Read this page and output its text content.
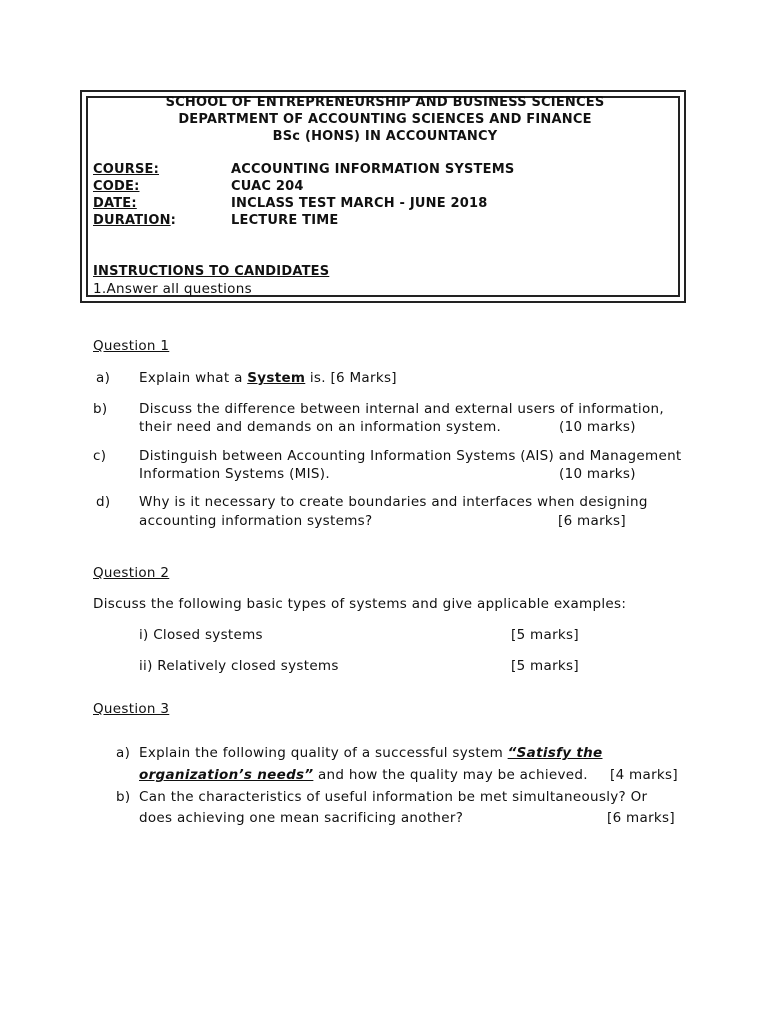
SCHOOL OF ENTREPRENEURSHIP AND BUSINESS SCIENCES
DEPARTMENT OF ACCOUNTING SCIENCES AND FINANCE
BSc (HONS) IN ACCOUNTANCY
COURSE:	ACCOUNTING INFORMATION SYSTEMS
CODE:	CUAC 204
DATE:	INCLASS TEST MARCH - JUNE 2018
DURATION:	LECTURE TIME
INSTRUCTIONS TO CANDIDATES
1.Answer all questions
Question 1
a) Explain what a System is. [6 Marks]
b) Discuss the difference between internal and external users of information,
their need and demands on an information system.	(10 marks)
c) Distinguish between Accounting Information Systems (AIS) and Management
Information Systems (MIS).	(10 marks)
d) Why is it necessary to create boundaries and interfaces when designing
accounting information systems?	[6 marks]
Question 2
Discuss the following basic types of systems and give applicable examples:
i) Closed systems	[5 marks]
ii) Relatively closed systems	[5 marks]
Question 3
a) Explain the following quality of a successful system “Satisfy the
organization’s needs” and how the quality may be achieved. [4 marks]
b) Can the characteristics of useful information be met simultaneously? Or
does achieving one mean sacrificing another?	[6 marks]
